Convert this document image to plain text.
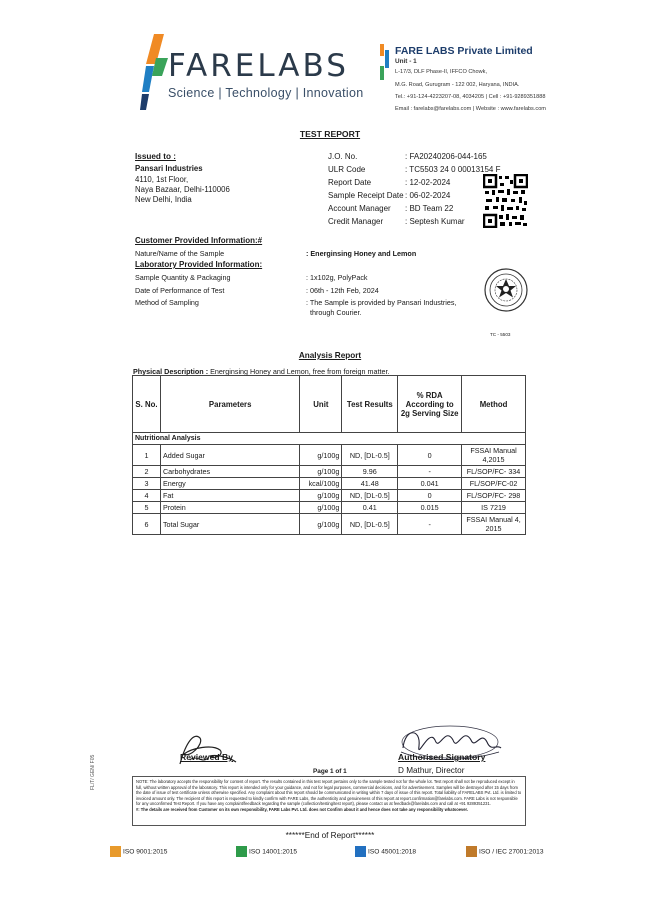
FARELABS
Science | Technology | Innovation
FARE LABS Private Limited
Unit - 1
L-17/3, DLF Phase-II, IFFCO Chowk,
M.G. Road, Gurugram - 122 002, Haryana, INDIA.
Tel.: +91-124-4223207-08, 4034205 | Cell : +91-9289351888
Email : farelabs@farelabs.com | Website : www.farelabs.com
TEST REPORT
Issued to :
Pansari Industries
4110, 1st Floor,
Naya Bazaar, Delhi-110006
New Delhi, India
J.O. No.	: FA20240206-044-165
ULR Code	: TC5503 24 0 00013154 F
Report Date	: 12-02-2024
Sample Receipt Date : 06-02-2024
Account Manager : BD Team 22
Credit Manager	: Septesh Kumar
Customer Provided Information:#
Nature/Name of the Sample	: Energinsing Honey and Lemon
Laboratory Provided Information:
Sample Quantity & Packaging	: 1x102g, PolyPack
Date of Performance of Test	: 06th - 12th Feb, 2024
Method of Sampling	: The Sample is provided by Pansari Industries,
through Courier.
TC - 5503
Analysis Report
Physical Description : Energinsing Honey and Lemon, free from foreign matter.
S. No.	Parameters	Unit	Test Results	% RDA According to 2g Serving Size	Method
Nutritional Analysis					
1	Added Sugar	g/100g	ND, [DL-0.5]	0	FSSAI Manual 4,2015
2	Carbohydrates	g/100g	9.96	-	FL/SOP/FC- 334
3	Energy	kcal/100g	41.48	0.041	FL/SOP/FC-02
4	Fat	g/100g	ND, [DL-0.5]	0	FL/SOP/FC- 298
5	Protein	g/100g	0.41	0.015	IS 7219
6	Total Sugar	g/100g	ND, [DL-0.5]	-	FSSAI Manual 4, 2015
Reviewed By	Authorised Signatory
D Mathur, Director
Page 1 of 1
FL/T/ GEN/ F05	NOTE: The laboratory accepts the responsibility for content of report. The results contained in this test report pertains only to the sample tested not for the whole lot. Test report shall not be reproduced except in full, without written approval of the laboratory. This report is intended only for your guidance, and not for legal purposes, commercial decisions, and for advertisement. Samples will be destroyed after 15 days from the date of issue of test certificate unless otherwise specified. Any complaint about this report should be communicated in writing within 7 days of issue of this report. Total liability of FARELABS Pvt. Ltd. is limited to invoiced amount only. The recipient of this report is requested to kindly confirm with FARE Labs, the authenticity and genuineness of this report at report.confirmation@farelabs.com. FARE Labs is not responsible for any unconfirmed Test Report. If you have any complaint/feedback regarding the sample (collection/testing/test report), please contact us at feedback@farelabs.com and call at +91 9289351231.
#: The details are received from Customer on its own responsibility, FARE Labs Pvt. Ltd. does not Confirm about it and hence does not take any responsibility whatsoever.
******End of Report******
ISO 9001:2015	ISO 14001:2015	ISO 45001:2018	ISO / IEC 27001:2013
